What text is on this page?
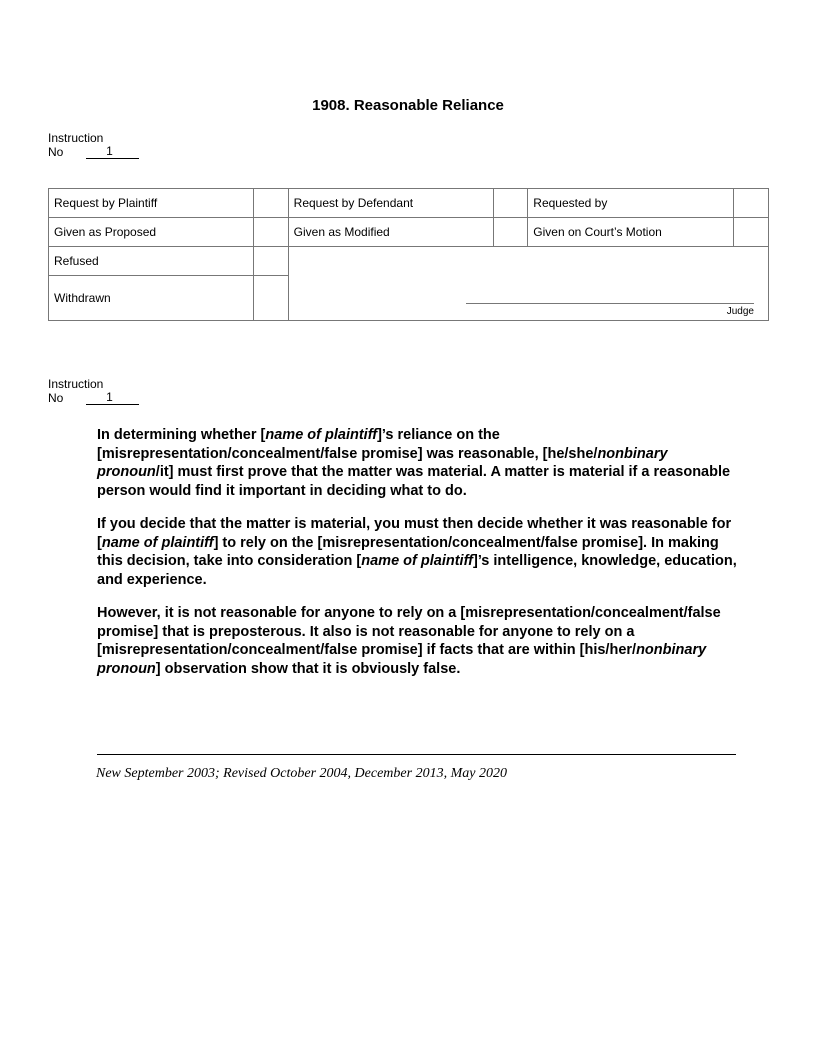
1908. Reasonable Reliance
Instruction
No	1
Request by Plaintiff		Request by Defendant		Requested by	
Given as Proposed		Given as Modified		Given on Court’s Motion	
Refused		Judge			

Withdrawn					
Instruction
No	1

In determining whether [name of plaintiff]’s reliance on the [misrepresentation/concealment/false promise] was reasonable, [he/she/nonbinary pronoun/it] must first prove that the matter was material. A matter is material if a reasonable person would find it important in deciding what to do.

If you decide that the matter is material, you must then decide whether it was reasonable for [name of plaintiff] to rely on the [misrepresentation/concealment/false promise]. In making this decision, take into consideration [name of plaintiff]’s intelligence, knowledge, education, and experience.

However, it is not reasonable for anyone to rely on a [misrepresentation/concealment/false promise] that is preposterous. It also is not reasonable for anyone to rely on a [misrepresentation/concealment/false promise] if facts that are within [his/her/nonbinary pronoun] observation show that it is obviously false.

New September 2003; Revised October 2004, December 2013, May 2020
